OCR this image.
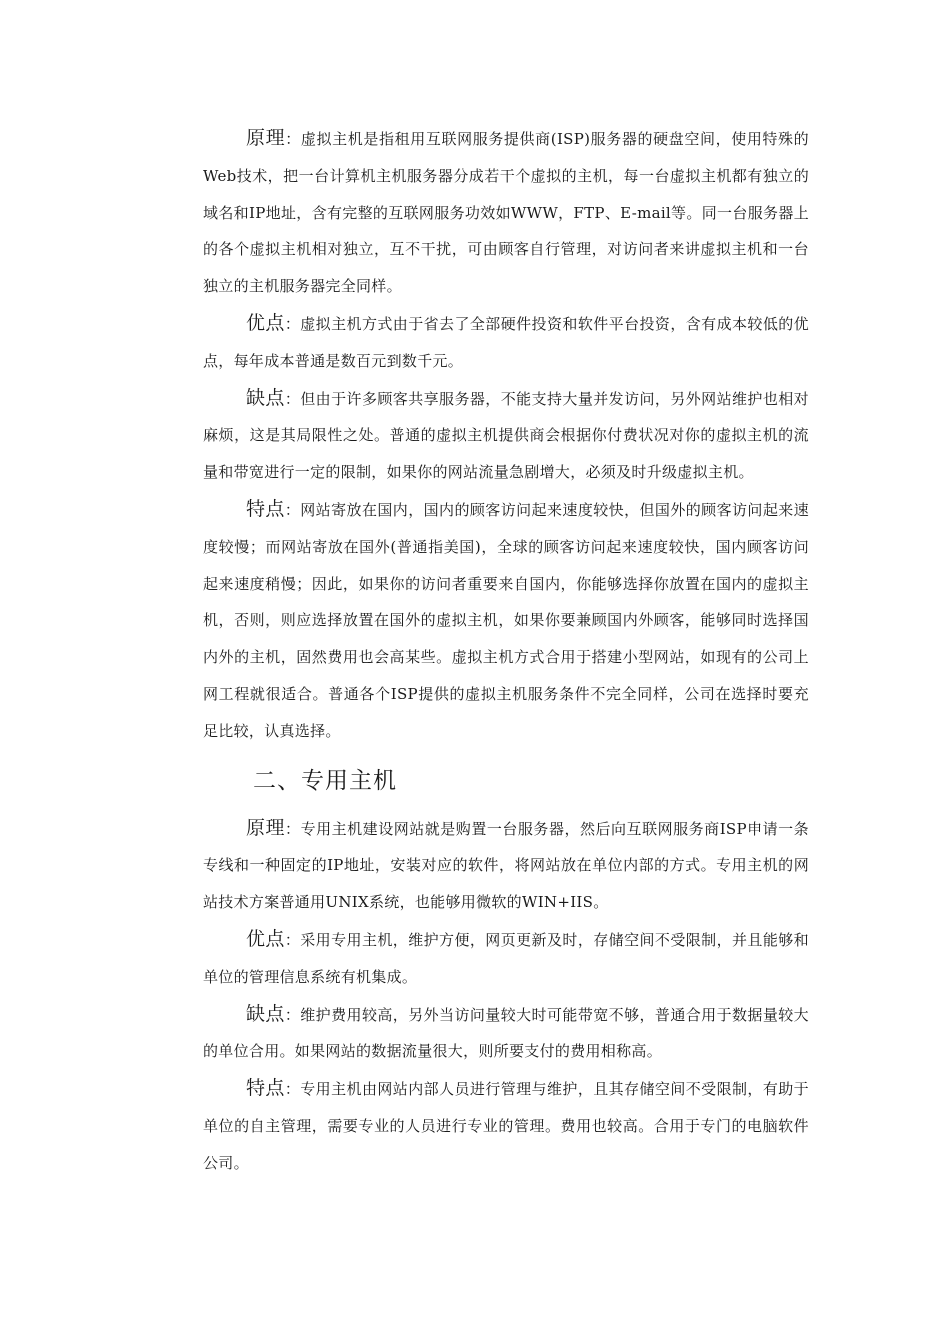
原理：虚拟主机是指租用互联网服务提供商(ISP)服务器的硬盘空间，使用特殊的Web技术，把一台计算机主机服务器分成若干个虚拟的主机，每一台虚拟主机都有独立的域名和IP地址，含有完整的互联网服务功效如WWW，FTP、E-mail等。同一台服务器上的各个虚拟主机相对独立，互不干扰，可由顾客自行管理，对访问者来讲虚拟主机和一台独立的主机服务器完全同样。

优点：虚拟主机方式由于省去了全部硬件投资和软件平台投资，含有成本较低的优点，每年成本普通是数百元到数千元。

缺点：但由于许多顾客共享服务器，不能支持大量并发访问，另外网站维护也相对麻烦，这是其局限性之处。普通的虚拟主机提供商会根据你付费状况对你的虚拟主机的流量和带宽进行一定的限制，如果你的网站流量急剧增大，必须及时升级虚拟主机。

特点：网站寄放在国内，国内的顾客访问起来速度较快，但国外的顾客访问起来速度较慢；而网站寄放在国外(普通指美国)，全球的顾客访问起来速度较快，国内顾客访问起来速度稍慢；因此，如果你的访问者重要来自国内，你能够选择你放置在国内的虚拟主机，否则，则应选择放置在国外的虚拟主机，如果你要兼顾国内外顾客，能够同时选择国内外的主机，固然费用也会高某些。虚拟主机方式合用于搭建小型网站，如现有的公司上网工程就很适合。普通各个ISP提供的虚拟主机服务条件不完全同样，公司在选择时要充足比较，认真选择。

二、专用主机

原理：专用主机建设网站就是购置一台服务器，然后向互联网服务商ISP申请一条专线和一种固定的IP地址，安装对应的软件，将网站放在单位内部的方式。专用主机的网站技术方案普通用UNIX系统，也能够用微软的WIN+IIS。

优点：采用专用主机，维护方便，网页更新及时，存储空间不受限制，并且能够和单位的管理信息系统有机集成。

缺点：维护费用较高，另外当访问量较大时可能带宽不够，普通合用于数据量较大的单位合用。如果网站的数据流量很大，则所要支付的费用相称高。

特点：专用主机由网站内部人员进行管理与维护，且其存储空间不受限制，有助于单位的自主管理，需要专业的人员进行专业的管理。费用也较高。合用于专门的电脑软件公司。
